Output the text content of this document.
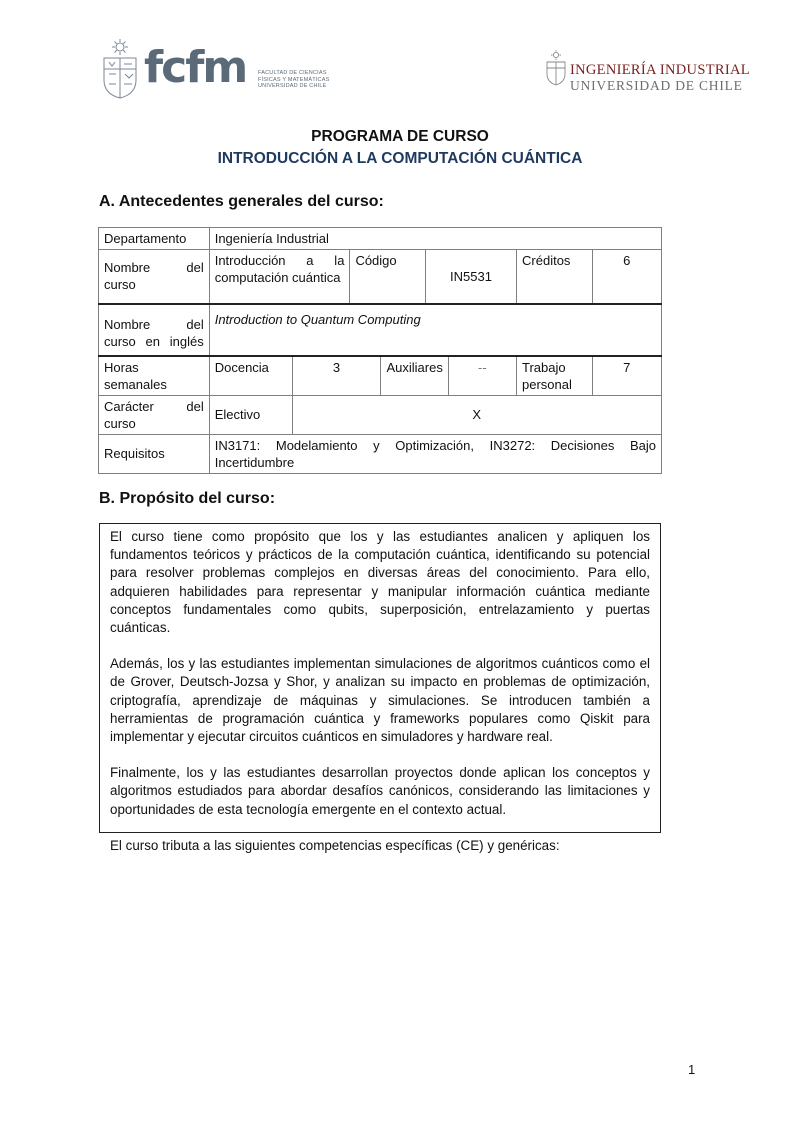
fcfm FACULTAD DE CIENCIAS
FÍSICAS Y MATEMÁTICAS
UNIVERSIDAD DE CHILE
INGENIERÍA INDUSTRIAL
UNIVERSIDAD DE CHILE
PROGRAMA DE CURSO
INTRODUCCIÓN A LA COMPUTACIÓN CUÁNTICA
A. Antecedentes generales del curso:
Departamento	Ingeniería Industrial							
Nombre del curso	Introducción a la computación cuántica		Código		IN5531		Créditos	6
Nombre del curso en inglés	Introduction to Quantum Computing							
Horas semanales	Docencia	3		Auxiliares		--	Trabajo personal	7
Carácter del curso	Electivo	X						
Requisitos	IN3171: Modelamiento y Optimización, IN3272: Decisiones Bajo Incertidumbre							
B. Propósito del curso:

El curso tiene como propósito que los y las estudiantes analicen y apliquen los fundamentos teóricos y prácticos de la computación cuántica, identificando su potencial para resolver problemas complejos en diversas áreas del conocimiento. Para ello, adquieren habilidades para representar y manipular información cuántica mediante conceptos fundamentales como qubits, superposición, entrelazamiento y puertas cuánticas.

Además, los y las estudiantes implementan simulaciones de algoritmos cuánticos como el de Grover, Deutsch-Jozsa y Shor, y analizan su impacto en problemas de optimización, criptografía, aprendizaje de máquinas y simulaciones. Se introducen también a herramientas de programación cuántica y frameworks populares como Qiskit para implementar y ejecutar circuitos cuánticos en simuladores y hardware real.

Finalmente, los y las estudiantes desarrollan proyectos donde aplican los conceptos y algoritmos estudiados para abordar desafíos canónicos, considerando las limitaciones y oportunidades de esta tecnología emergente en el contexto actual.

El curso tributa a las siguientes competencias específicas (CE) y genéricas:

1
